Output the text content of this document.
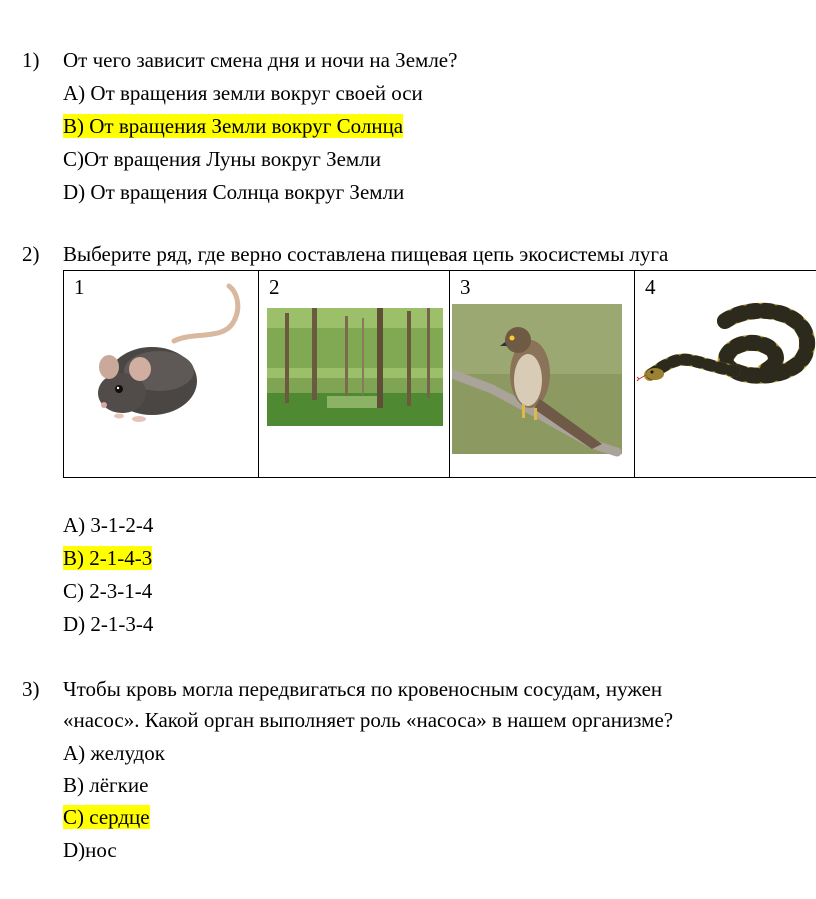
1) От чего зависит смена дня и ночи на Земле?
A) От вращения земли вокруг своей оси
B) От вращения Земли вокруг Солнца
C)От вращения Луны вокруг Земли
D) От вращения Солнца вокруг Земли
2) Выберите ряд, где верно составлена пищевая цепь экосистемы луга
1	2	3	4
A) 3-1-2-4
B) 2-1-4-3
C) 2-3-1-4
D) 2-1-3-4
3) Чтобы кровь могла передвигаться по кровеносным сосудам, нужен
«насос». Какой орган выполняет роль «насоса» в нашем организме?
A) желудок
B) лёгкие
C) сердце
D)нос
